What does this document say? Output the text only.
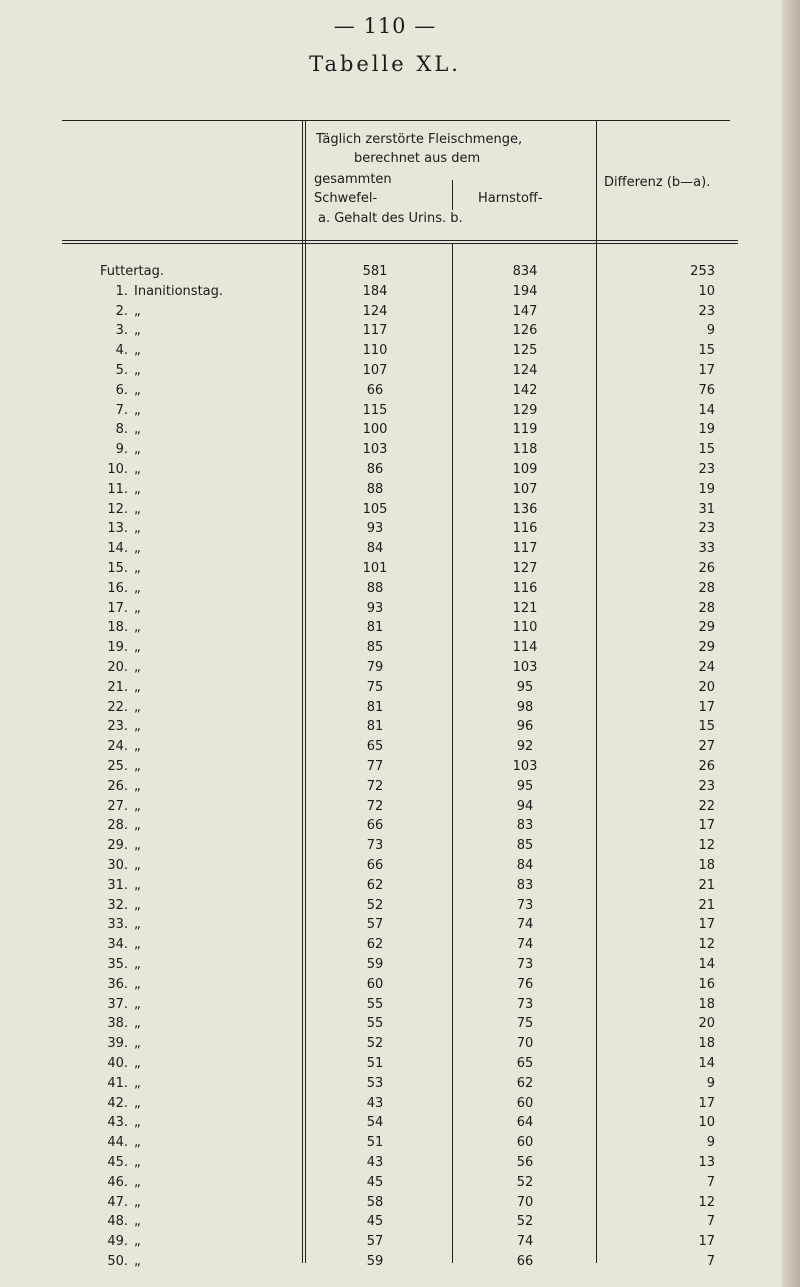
— 110 —
Tabelle XL.
Täglich zerstörte Fleischmenge,
berechnet aus dem
gesammten
Schwefel-	Harnstoff-
a. Gehalt des Urins. b.
Differenz (b—a).
Futtertag.	581	834	253
1. Inanitionstag.	184	194	10
2. „	124	147	23
3. „	117	126	9
4. „	110	125	15
5. „	107	124	17
6. „	66	142	76
7. „	115	129	14
8. „	100	119	19
9. „	103	118	15
10. „	86	109	23
11. „	88	107	19
12. „	105	136	31
13. „	93	116	23
14. „	84	117	33
15. „	101	127	26
16. „	88	116	28
17. „	93	121	28
18. „	81	110	29
19. „	85	114	29
20. „	79	103	24
21. „	75	95	20
22. „	81	98	17
23. „	81	96	15
24. „	65	92	27
25. „	77	103	26
26. „	72	95	23
27. „	72	94	22
28. „	66	83	17
29. „	73	85	12
30. „	66	84	18
31. „	62	83	21
32. „	52	73	21
33. „	57	74	17
34. „	62	74	12
35. „	59	73	14
36. „	60	76	16
37. „	55	73	18
38. „	55	75	20
39. „	52	70	18
40. „	51	65	14
41. „	53	62	9
42. „	43	60	17
43. „	54	64	10
44. „	51	60	9
45. „	43	56	13
46. „	45	52	7
47. „	58	70	12
48. „	45	52	7
49. „	57	74	17
50. „	59	66	7
